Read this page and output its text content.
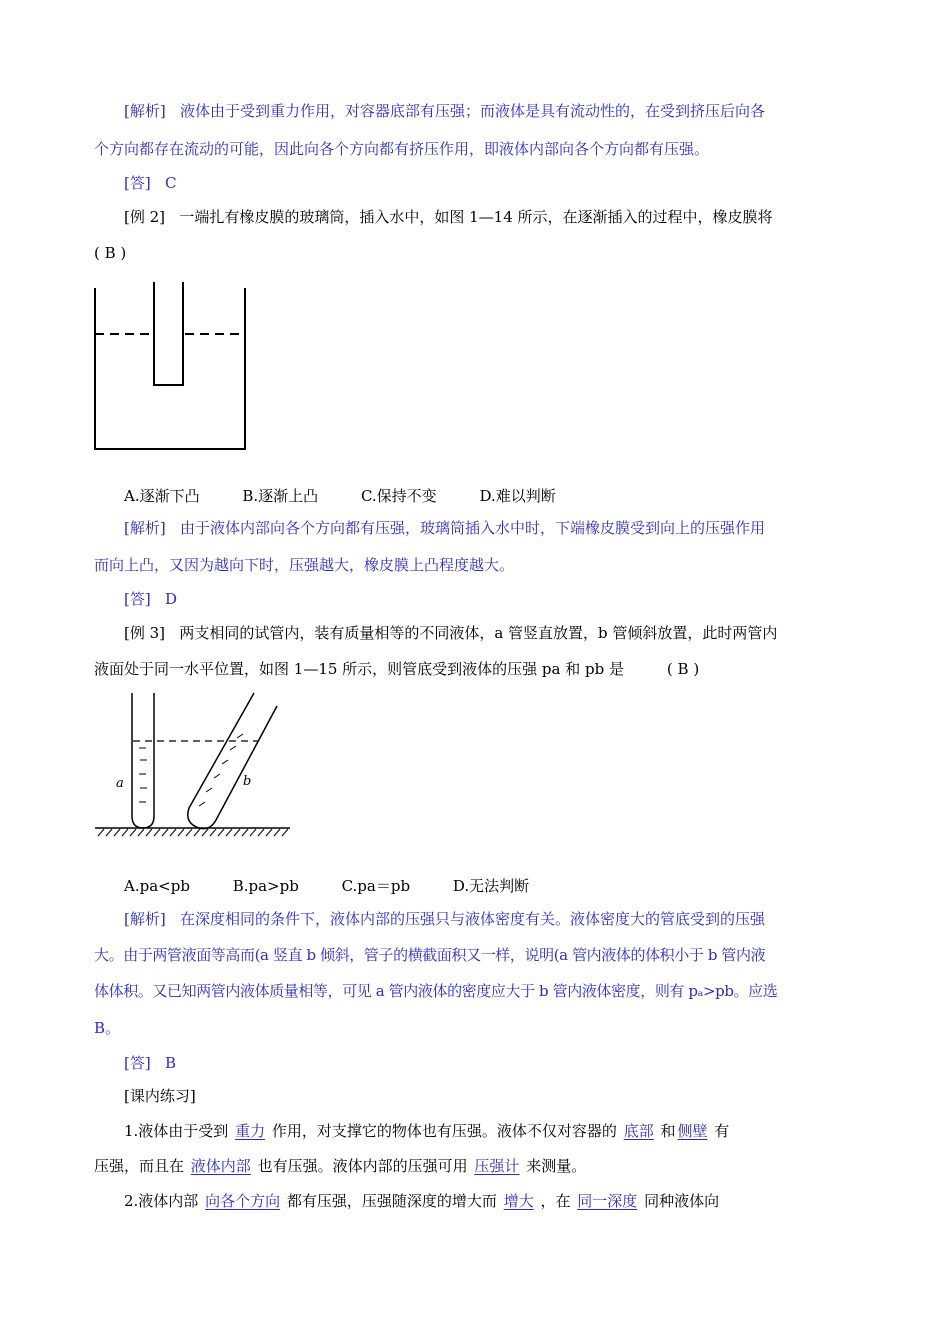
[解析] 液体由于受到重力作用，对容器底部有压强；而液体是具有流动性的，在受到挤压后向各
个方向都存在流动的可能，因此向各个方向都有挤压作用，即液体内部向各个方向都有压强。
[答] C
[例 2] 一端扎有橡皮膜的玻璃筒，插入水中，如图 1—14 所示，在逐渐插入的过程中，橡皮膜将
( B )
A.逐渐下凸	B.逐渐上凸	C.保持不变	D.难以判断
[解析] 由于液体内部向各个方向都有压强，玻璃筒插入水中时，下端橡皮膜受到向上的压强作用
而向上凸，又因为越向下时，压强越大，橡皮膜上凸程度越大。
[答] D
[例 3] 两支相同的试管内，装有质量相等的不同液体，a 管竖直放置，b 管倾斜放置，此时两管内
液面处于同一水平位置，如图 1—15 所示，则管底受到液体的压强 pa 和 pb 是	( B )
a	b
A.pa<pb	B.pa>pb	C.pa＝pb	D.无法判断
[解析] 在深度相同的条件下，液体内部的压强只与液体密度有关。液体密度大的管底受到的压强
大。由于两管液面等高而(a 竖直 b 倾斜，管子的横截面积又一样，说明(a 管内液体的体积小于 b 管内液
体体积。又已知两管内液体质量相等，可见 a 管内液体的密度应大于 b 管内液体密度，则有 pₐ>pb。应选
B。
[答] B
[课内练习]
1.液体由于受到 重力 作用，对支撑它的物体也有压强。液体不仅对容器的 底部 和 侧壁 有
压强，而且在 液体内部 也有压强。液体内部的压强可用 压强计 来测量。
2.液体内部 向各个方向 都有压强，压强随深度的增大而 增大 ，在 同一深度 同种液体向
